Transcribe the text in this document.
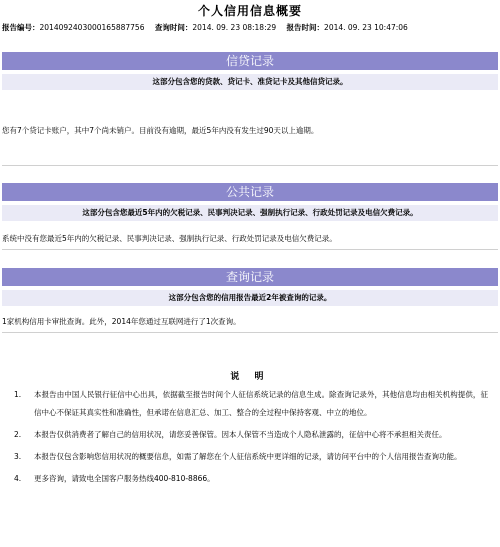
个人信用信息概要
报告编号：2014092403000165887756 查询时间：2014. 09. 23 08:18:29 报告时间：2014. 09. 23 10:47:06
信贷记录
这部分包含您的贷款、贷记卡、准贷记卡及其他信贷记录。
您有7个贷记卡账户，其中7个尚未销户。目前没有逾期，最近5年内没有发生过90天以上逾期。
公共记录
这部分包含您最近5年内的欠税记录、民事判决记录、强制执行记录、行政处罚记录及电信欠费记录。
系统中没有您最近5年内的欠税记录、民事判决记录、强制执行记录、行政处罚记录及电信欠费记录。
查询记录
这部分包含您的信用报告最近2年被查询的记录。
1家机构信用卡审批查询。此外，2014年您通过互联网进行了1次查询。
说 明
1. 本报告由中国人民银行征信中心出具，依据截至报告时间个人征信系统记录的信息生成。除查询记录外，其他信息均由相关机构提供，征信中心不保证其真实性和准确性，但承诺在信息汇总、加工、整合的全过程中保持客观、中立的地位。
2. 本报告仅供消费者了解自己的信用状况，请您妥善保管。因本人保管不当造成个人隐私泄露的，征信中心将不承担相关责任。
3. 本报告仅包含影响您信用状况的概要信息，如需了解您在个人征信系统中更详细的记录，请访问平台中的个人信用报告查询功能。
4. 更多咨询，请致电全国客户服务热线400-810-8866。
